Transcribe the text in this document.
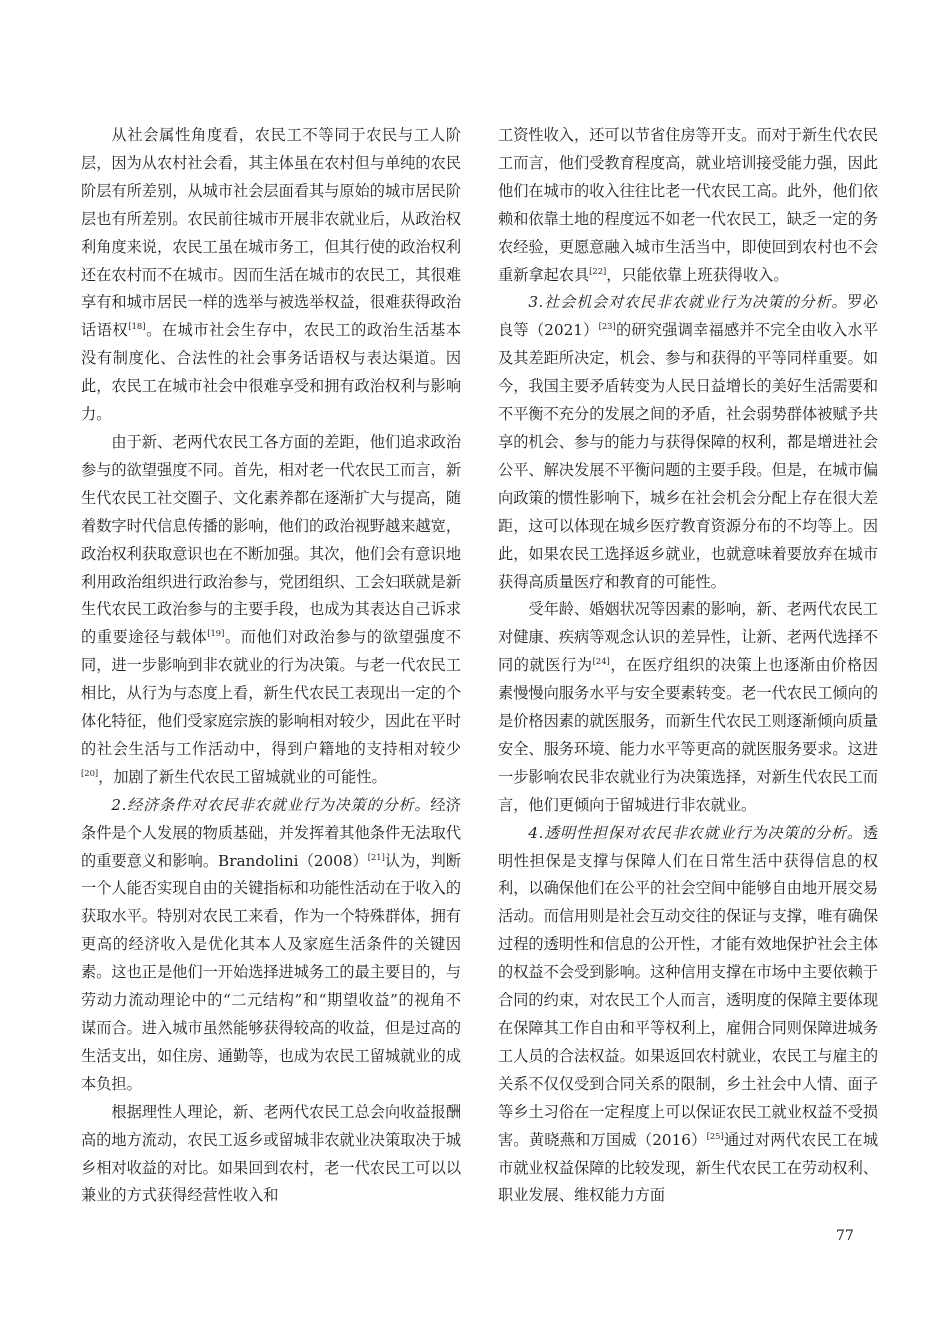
从社会属性角度看，农民工不等同于农民与工人阶层，因为从农村社会看，其主体虽在农村但与单纯的农民阶层有所差别，从城市社会层面看其与原始的城市居民阶层也有所差别。农民前往城市开展非农就业后，从政治权利角度来说，农民工虽在城市务工，但其行使的政治权利还在农村而不在城市。因而生活在城市的农民工，其很难享有和城市居民一样的选举与被选举权益，很难获得政治话语权[18]。在城市社会生存中，农民工的政治生活基本没有制度化、合法性的社会事务话语权与表达渠道。因此，农民工在城市社会中很难享受和拥有政治权利与影响力。

由于新、老两代农民工各方面的差距，他们追求政治参与的欲望强度不同。首先，相对老一代农民工而言，新生代农民工社交圈子、文化素养都在逐渐扩大与提高，随着数字时代信息传播的影响，他们的政治视野越来越宽，政治权利获取意识也在不断加强。其次，他们会有意识地利用政治组织进行政治参与，党团组织、工会妇联就是新生代农民工政治参与的主要手段，也成为其表达自己诉求的重要途径与载体[19]。而他们对政治参与的欲望强度不同，进一步影响到非农就业的行为决策。与老一代农民工相比，从行为与态度上看，新生代农民工表现出一定的个体化特征，他们受家庭宗族的影响相对较少，因此在平时的社会生活与工作活动中，得到户籍地的支持相对较少[20]，加剧了新生代农民工留城就业的可能性。

2.经济条件对农民非农就业行为决策的分析。经济条件是个人发展的物质基础，并发挥着其他条件无法取代的重要意义和影响。Brandolini（2008）[21]认为，判断一个人能否实现自由的关键指标和功能性活动在于收入的获取水平。特别对农民工来看，作为一个特殊群体，拥有更高的经济收入是优化其本人及家庭生活条件的关键因素。这也正是他们一开始选择进城务工的最主要目的，与劳动力流动理论中的“二元结构”和“期望收益”的视角不谋而合。进入城市虽然能够获得较高的收益，但是过高的生活支出，如住房、通勤等，也成为农民工留城就业的成本负担。

根据理性人理论，新、老两代农民工总会向收益报酬高的地方流动，农民工返乡或留城非农就业决策取决于城乡相对收益的对比。如果回到农村，老一代农民工可以以兼业的方式获得经营性收入和

工资性收入，还可以节省住房等开支。而对于新生代农民工而言，他们受教育程度高，就业培训接受能力强，因此他们在城市的收入往往比老一代农民工高。此外，他们依赖和依靠土地的程度远不如老一代农民工，缺乏一定的务农经验，更愿意融入城市生活当中，即使回到农村也不会重新拿起农具[22]，只能依靠上班获得收入。

3.社会机会对农民非农就业行为决策的分析。罗必良等（2021）[23]的研究强调幸福感并不完全由收入水平及其差距所决定，机会、参与和获得的平等同样重要。如今，我国主要矛盾转变为人民日益增长的美好生活需要和不平衡不充分的发展之间的矛盾，社会弱势群体被赋予共享的机会、参与的能力与获得保障的权利，都是增进社会公平、解决发展不平衡问题的主要手段。但是，在城市偏向政策的惯性影响下，城乡在社会机会分配上存在很大差距，这可以体现在城乡医疗教育资源分布的不均等上。因此，如果农民工选择返乡就业，也就意味着要放弃在城市获得高质量医疗和教育的可能性。

受年龄、婚姻状况等因素的影响，新、老两代农民工对健康、疾病等观念认识的差异性，让新、老两代选择不同的就医行为[24]，在医疗组织的决策上也逐渐由价格因素慢慢向服务水平与安全要素转变。老一代农民工倾向的是价格因素的就医服务，而新生代农民工则逐渐倾向质量安全、服务环境、能力水平等更高的就医服务要求。这进一步影响农民非农就业行为决策选择，对新生代农民工而言，他们更倾向于留城进行非农就业。

4.透明性担保对农民非农就业行为决策的分析。透明性担保是支撑与保障人们在日常生活中获得信息的权利，以确保他们在公平的社会空间中能够自由地开展交易活动。而信用则是社会互动交往的保证与支撑，唯有确保过程的透明性和信息的公开性，才能有效地保护社会主体的权益不会受到影响。这种信用支撑在市场中主要依赖于合同的约束，对农民工个人而言，透明度的保障主要体现在保障其工作自由和平等权利上，雇佣合同则保障进城务工人员的合法权益。如果返回农村就业，农民工与雇主的关系不仅仅受到合同关系的限制，乡土社会中人情、面子等乡土习俗在一定程度上可以保证农民工就业权益不受损害。黄晓燕和万国威（2016）[25]通过对两代农民工在城市就业权益保障的比较发现，新生代农民工在劳动权利、职业发展、维权能力方面

77
